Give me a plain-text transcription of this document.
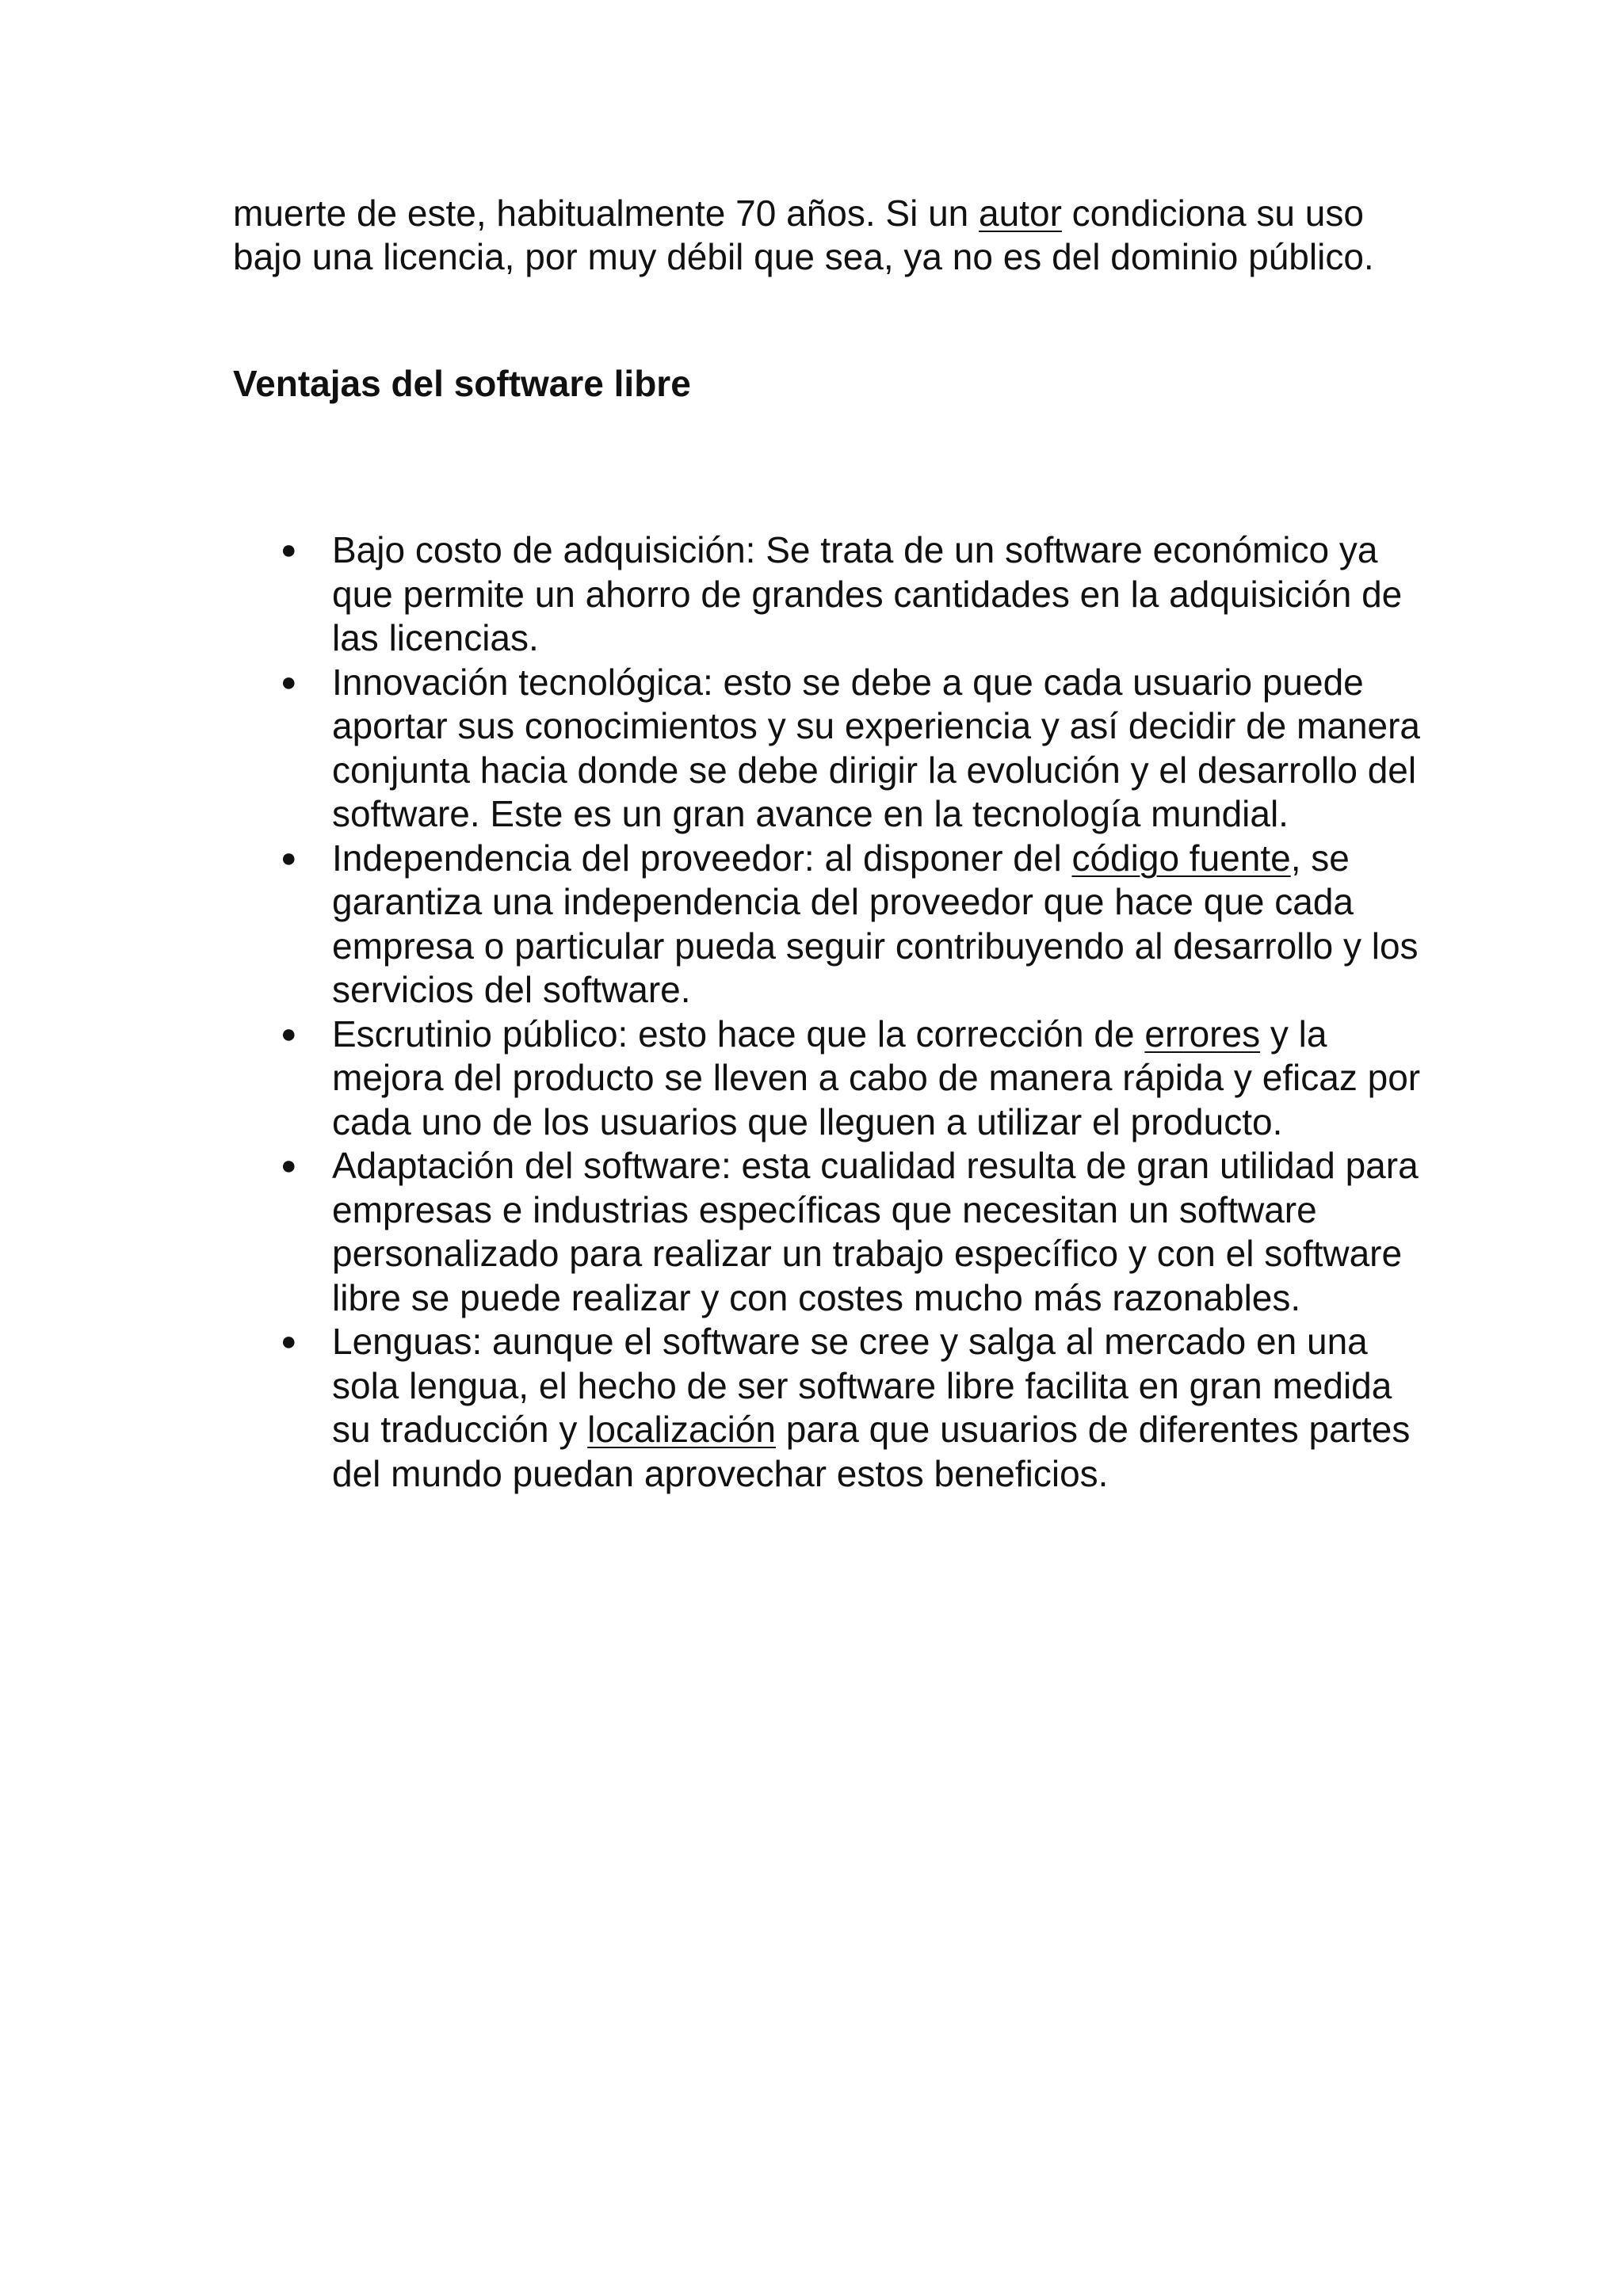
muerte de este, habitualmente 70 años. Si un autor condiciona su uso bajo una licencia, por muy débil que sea, ya no es del dominio público.

Ventajas del software libre
● Bajo costo de adquisición: Se trata de un software económico ya que permite un ahorro de grandes cantidades en la adquisición de las licencias.
● Innovación tecnológica: esto se debe a que cada usuario puede aportar sus conocimientos y su experiencia y así decidir de manera conjunta hacia donde se debe dirigir la evolución y el desarrollo del software. Este es un gran avance en la tecnología mundial.
● Independencia del proveedor: al disponer del código fuente, se garantiza una independencia del proveedor que hace que cada empresa o particular pueda seguir contribuyendo al desarrollo y los servicios del software.
● Escrutinio público: esto hace que la corrección de errores y la mejora del producto se lleven a cabo de manera rápida y eficaz por cada uno de los usuarios que lleguen a utilizar el producto.
● Adaptación del software: esta cualidad resulta de gran utilidad para empresas e industrias específicas que necesitan un software personalizado para realizar un trabajo específico y con el software libre se puede realizar y con costes mucho más razonables.
● Lenguas: aunque el software se cree y salga al mercado en una sola lengua, el hecho de ser software libre facilita en gran medida su traducción y localización para que usuarios de diferentes partes del mundo puedan aprovechar estos beneficios.
